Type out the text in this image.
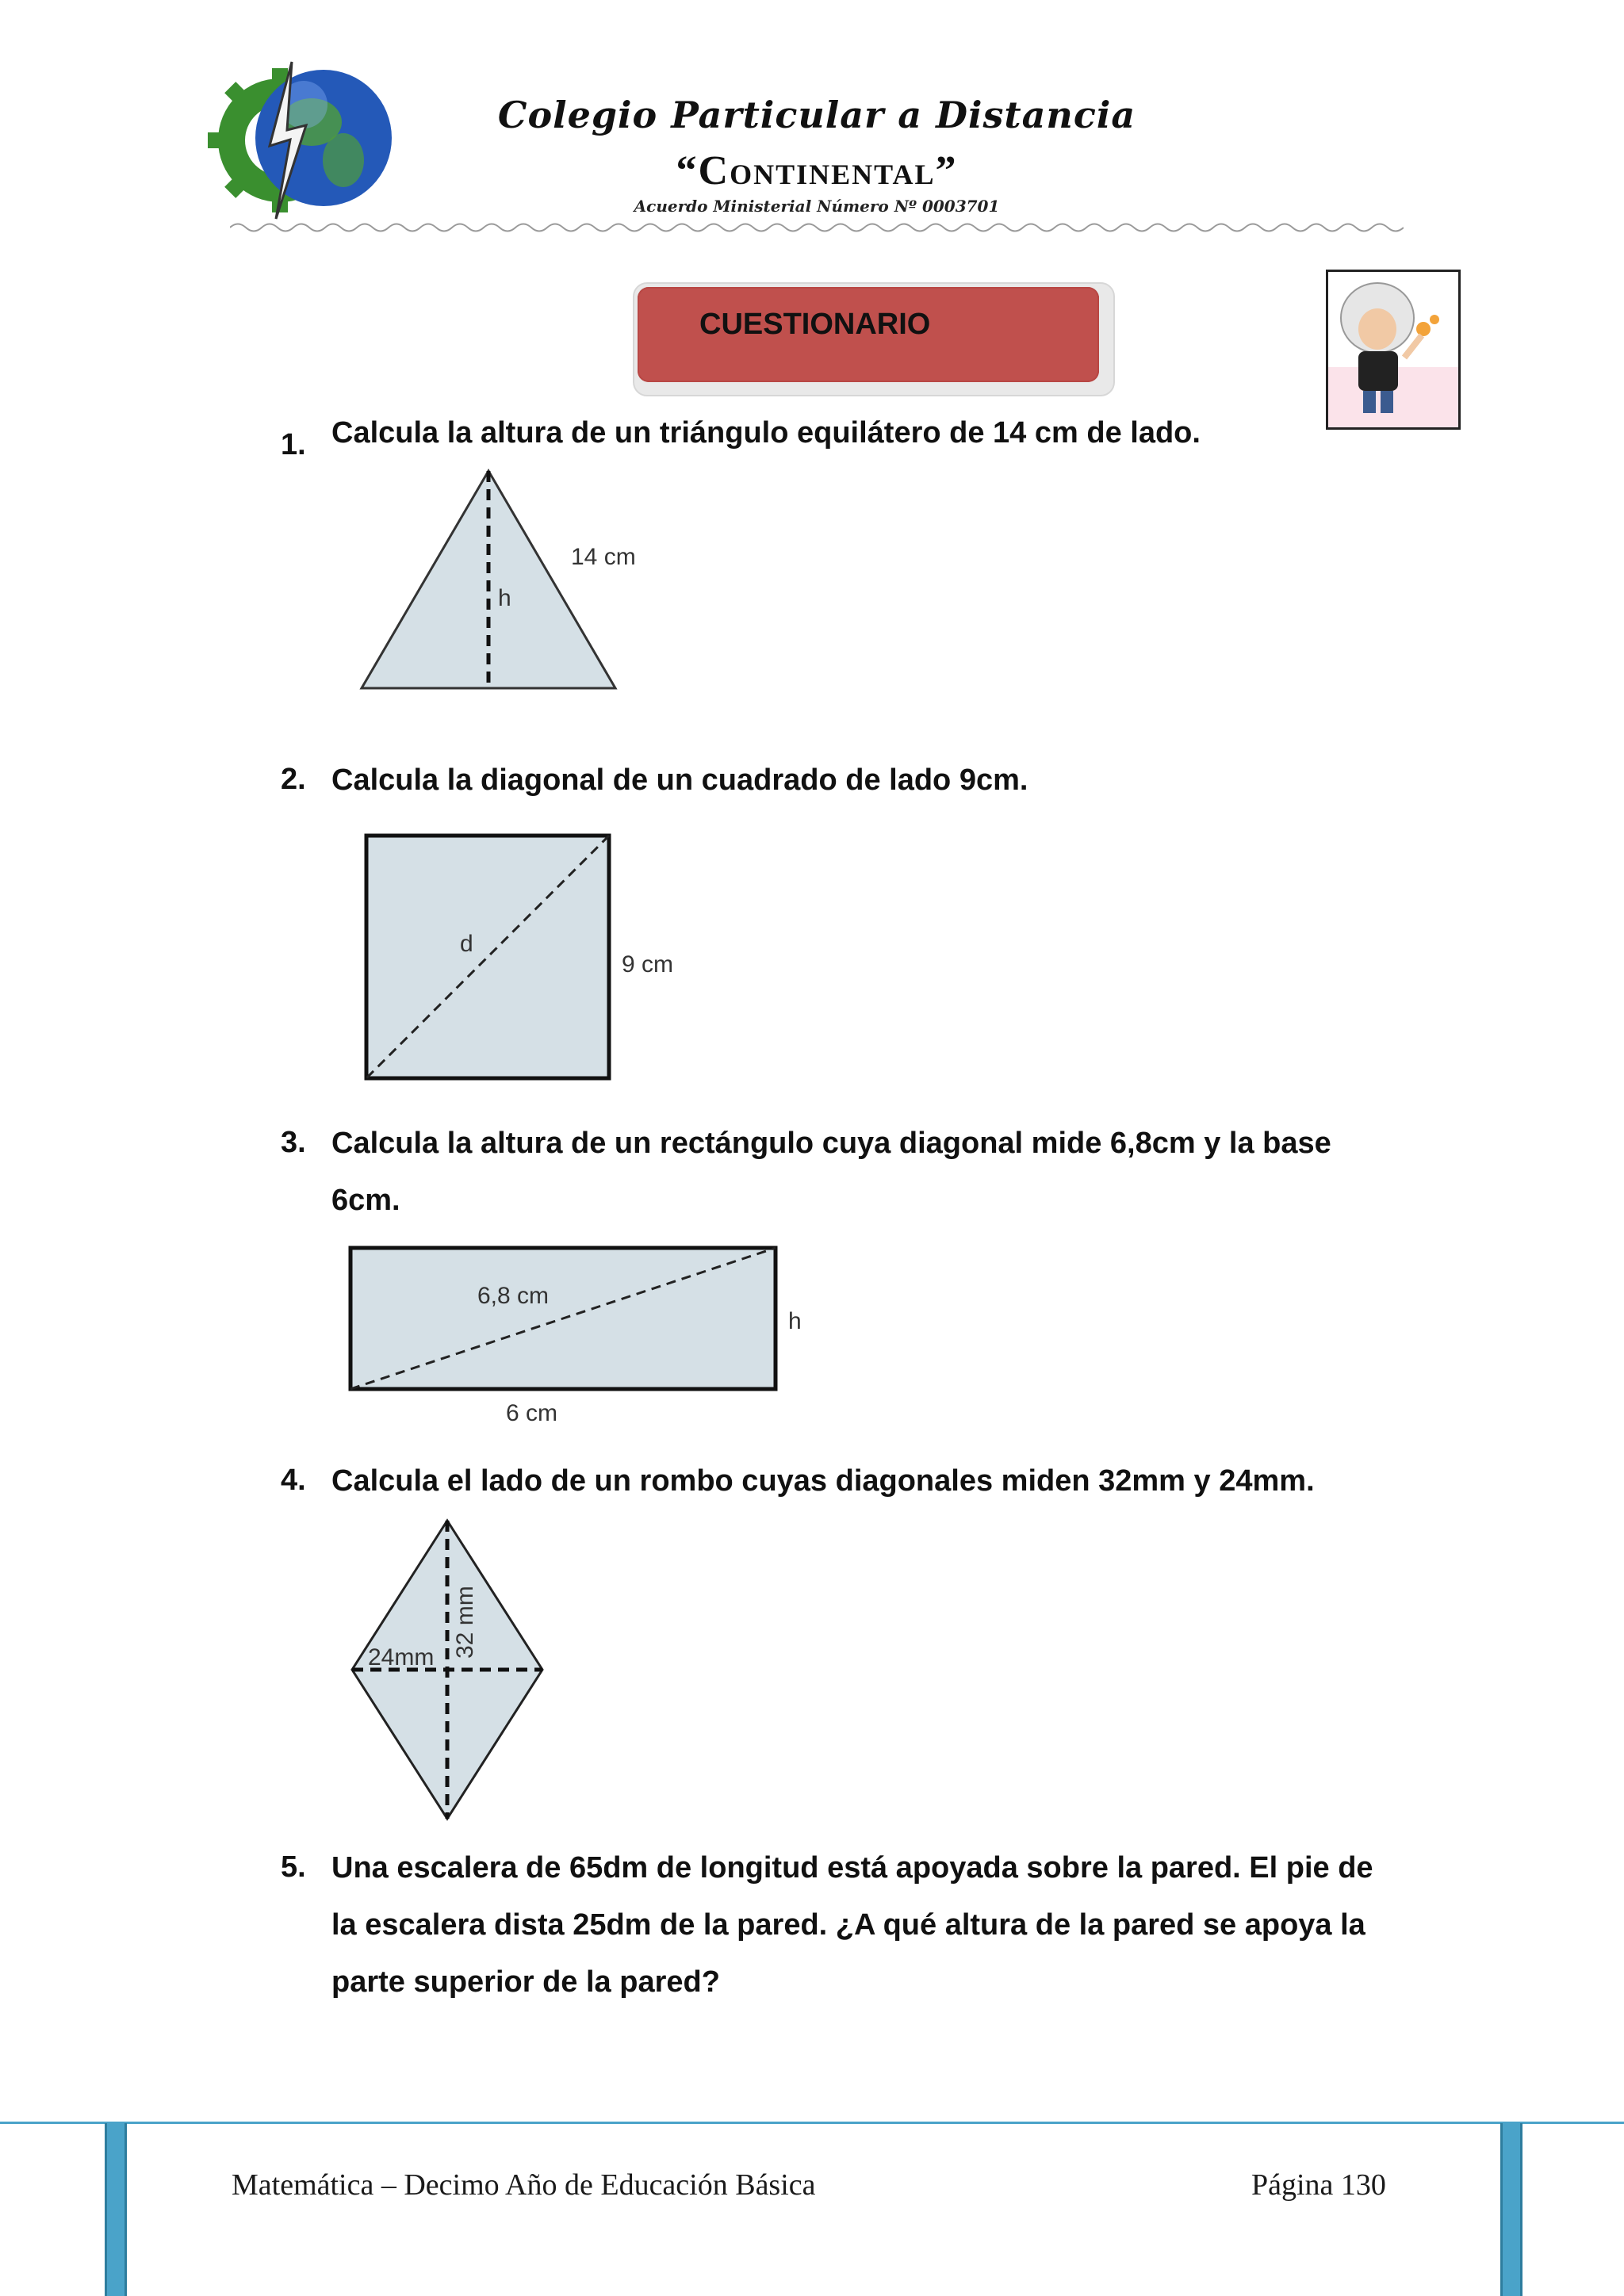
Colegio Particular a Distancia
“Continental”
Acuerdo Ministerial Número Nº 0003701
CUESTIONARIO
1. Calcula la altura de un triángulo equilátero de 14 cm de lado.
14 cm
h
2. Calcula la diagonal de un cuadrado de lado 9cm.
d
9 cm
3. Calcula la altura de un rectángulo cuya diagonal mide 6,8cm y la base 6cm.
6,8 cm
h
6 cm
4. Calcula el lado de un rombo cuyas diagonales miden 32mm y 24mm.
24mm 32 mm
5. Una escalera de 65dm de longitud está apoyada sobre la pared. El pie de la escalera dista 25dm de la pared. ¿A qué altura de la pared se apoya la parte superior de la pared?
Matemática – Decimo Año de Educación Básica	Página 130
